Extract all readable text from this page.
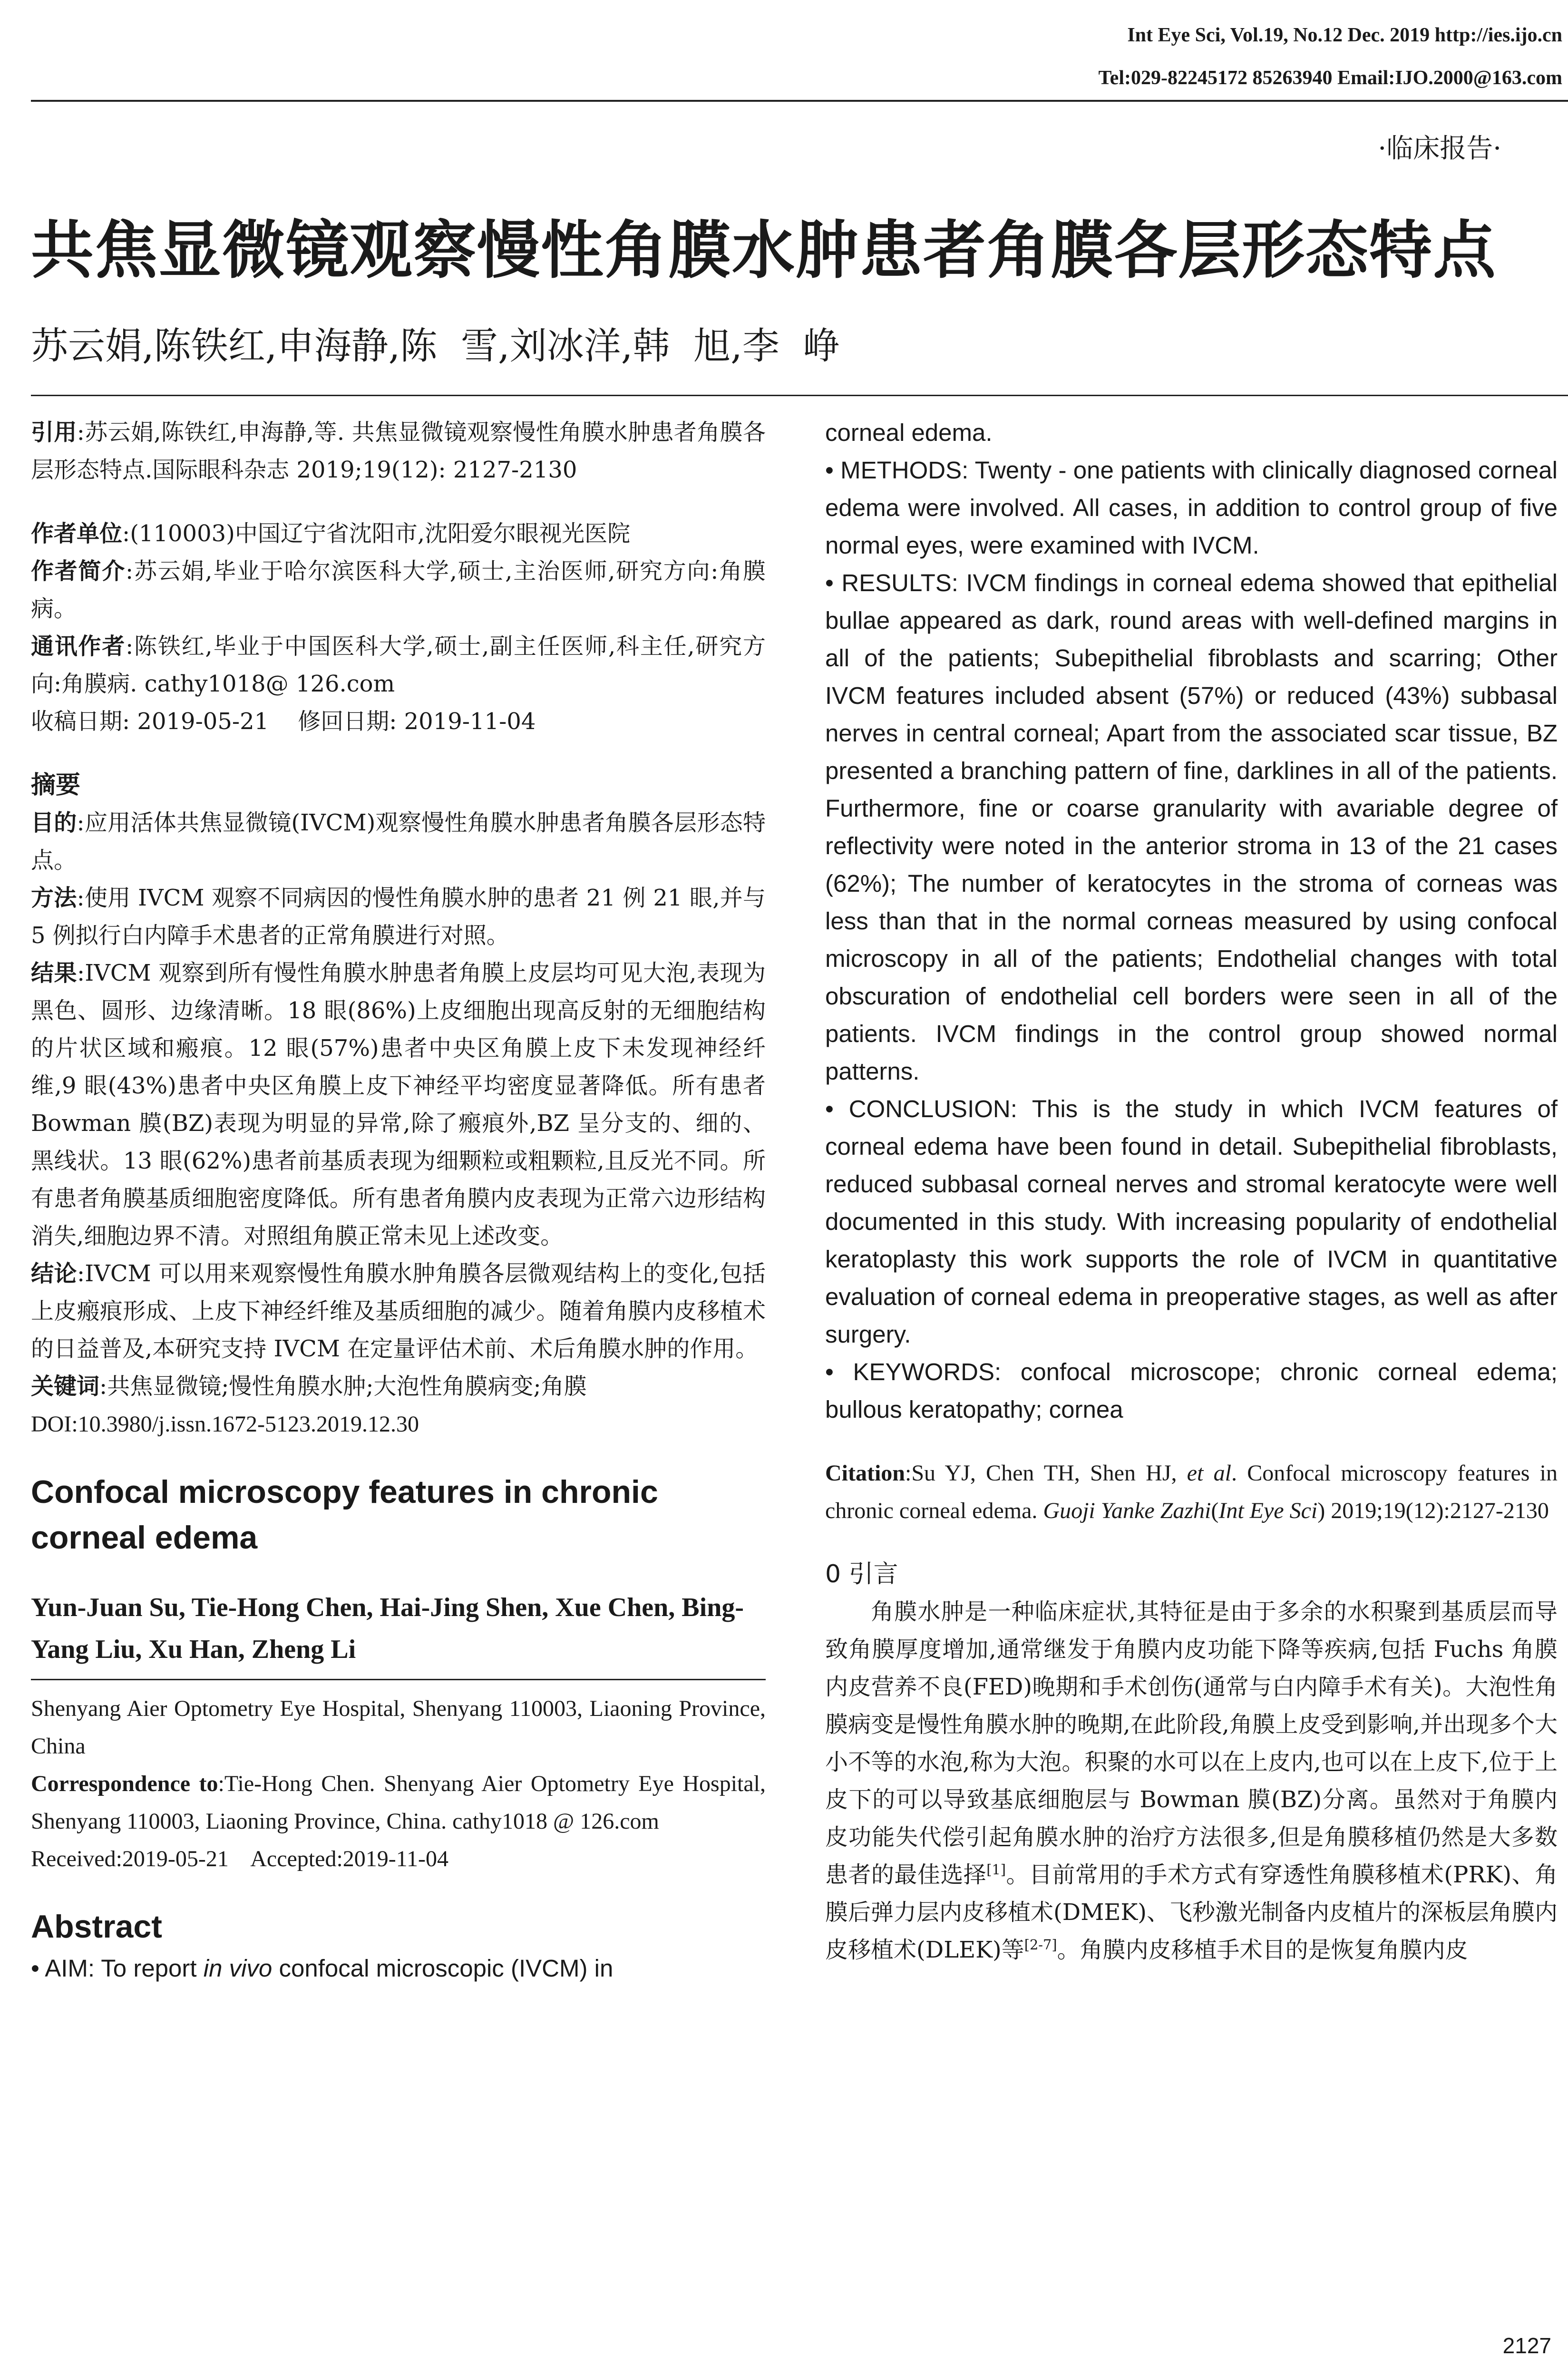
Int Eye Sci, Vol.19, No.12 Dec. 2019 http://ies.ijo.cn
Tel:029-82245172 85263940 Email:IJO.2000@163.com
·临床报告·
共焦显微镜观察慢性角膜水肿患者角膜各层形态特点
苏云娟,陈铁红,申海静,陈  雪,刘冰洋,韩  旭,李  峥

引用:苏云娟,陈铁红,申海静,等. 共焦显微镜观察慢性角膜水肿患者角膜各层形态特点.国际眼科杂志 2019;19(12): 2127-2130

作者单位:(110003)中国辽宁省沈阳市,沈阳爱尔眼视光医院

作者简介:苏云娟,毕业于哈尔滨医科大学,硕士,主治医师,研究方向:角膜病。

通讯作者:陈铁红,毕业于中国医科大学,硕士,副主任医师,科主任,研究方向:角膜病. cathy1018@ 126.com

收稿日期: 2019-05-21    修回日期: 2019-11-04

摘要

目的:应用活体共焦显微镜(IVCM)观察慢性角膜水肿患者角膜各层形态特点。

方法:使用 IVCM 观察不同病因的慢性角膜水肿的患者 21 例 21 眼,并与 5 例拟行白内障手术患者的正常角膜进行对照。

结果:IVCM 观察到所有慢性角膜水肿患者角膜上皮层均可见大泡,表现为黑色、圆形、边缘清晰。18 眼(86%)上皮细胞出现高反射的无细胞结构的片状区域和瘢痕。12 眼(57%)患者中央区角膜上皮下未发现神经纤维,9 眼(43%)患者中央区角膜上皮下神经平均密度显著降低。所有患者 Bowman 膜(BZ)表现为明显的异常,除了瘢痕外,BZ 呈分支的、细的、黑线状。13 眼(62%)患者前基质表现为细颗粒或粗颗粒,且反光不同。所有患者角膜基质细胞密度降低。所有患者角膜内皮表现为正常六边形结构消失,细胞边界不清。对照组角膜正常未见上述改变。

结论:IVCM 可以用来观察慢性角膜水肿角膜各层微观结构上的变化,包括上皮瘢痕形成、上皮下神经纤维及基质细胞的减少。随着角膜内皮移植术的日益普及,本研究支持 IVCM 在定量评估术前、术后角膜水肿的作用。

关键词:共焦显微镜;慢性角膜水肿;大泡性角膜病变;角膜

DOI:10.3980/j.issn.1672-5123.2019.12.30

Confocal microscopy features in chronic corneal edema

Yun-Juan Su, Tie-Hong Chen, Hai-Jing Shen, Xue Chen, Bing-Yang Liu, Xu Han, Zheng Li

Shenyang Aier Optometry Eye Hospital, Shenyang 110003, Liaoning Province, China

Correspondence to:Tie-Hong Chen. Shenyang Aier Optometry Eye Hospital, Shenyang 110003, Liaoning Province, China. cathy1018 @ 126.com

Received:2019-05-21    Accepted:2019-11-04

Abstract

• AIM: To report in vivo confocal microscopic (IVCM) in

corneal edema.

• METHODS: Twenty - one patients with clinically diagnosed corneal edema were involved. All cases, in addition to control group of five normal eyes, were examined with IVCM.

• RESULTS: IVCM findings in corneal edema showed that epithelial bullae appeared as dark, round areas with well-defined margins in all of the patients; Subepithelial fibroblasts and scarring; Other IVCM features included absent (57%) or reduced (43%) subbasal nerves in central corneal; Apart from the associated scar tissue, BZ presented a branching pattern of fine, darklines in all of the patients. Furthermore, fine or coarse granularity with avariable degree of reflectivity were noted in the anterior stroma in 13 of the 21 cases (62%); The number of keratocytes in the stroma of corneas was less than that in the normal corneas measured by using confocal microscopy in all of the patients; Endothelial changes with total obscuration of endothelial cell borders were seen in all of the patients. IVCM findings in the control group showed normal patterns.

• CONCLUSION: This is the study in which IVCM features of corneal edema have been found in detail. Subepithelial fibroblasts, reduced subbasal corneal nerves and stromal keratocyte were well documented in this study. With increasing popularity of endothelial keratoplasty this work supports the role of IVCM in quantitative evaluation of corneal edema in preoperative stages, as well as after surgery.

• KEYWORDS: confocal microscope; chronic corneal edema; bullous keratopathy; cornea

Citation:Su YJ, Chen TH, Shen HJ, et al. Confocal microscopy features in chronic corneal edema. Guoji Yanke Zazhi(Int Eye Sci) 2019;19(12):2127-2130

0 引言

角膜水肿是一种临床症状,其特征是由于多余的水积聚到基质层而导致角膜厚度增加,通常继发于角膜内皮功能下降等疾病,包括 Fuchs 角膜内皮营养不良(FED)晚期和手术创伤(通常与白内障手术有关)。大泡性角膜病变是慢性角膜水肿的晚期,在此阶段,角膜上皮受到影响,并出现多个大小不等的水泡,称为大泡。积聚的水可以在上皮内,也可以在上皮下,位于上皮下的可以导致基底细胞层与 Bowman 膜(BZ)分离。虽然对于角膜内皮功能失代偿引起角膜水肿的治疗方法很多,但是角膜移植仍然是大多数患者的最佳选择[1]。目前常用的手术方式有穿透性角膜移植术(PRK)、角膜后弹力层内皮移植术(DMEK)、飞秒激光制备内皮植片的深板层角膜内皮移植术(DLEK)等[2-7]。角膜内皮移植手术目的是恢复角膜内皮

2127
